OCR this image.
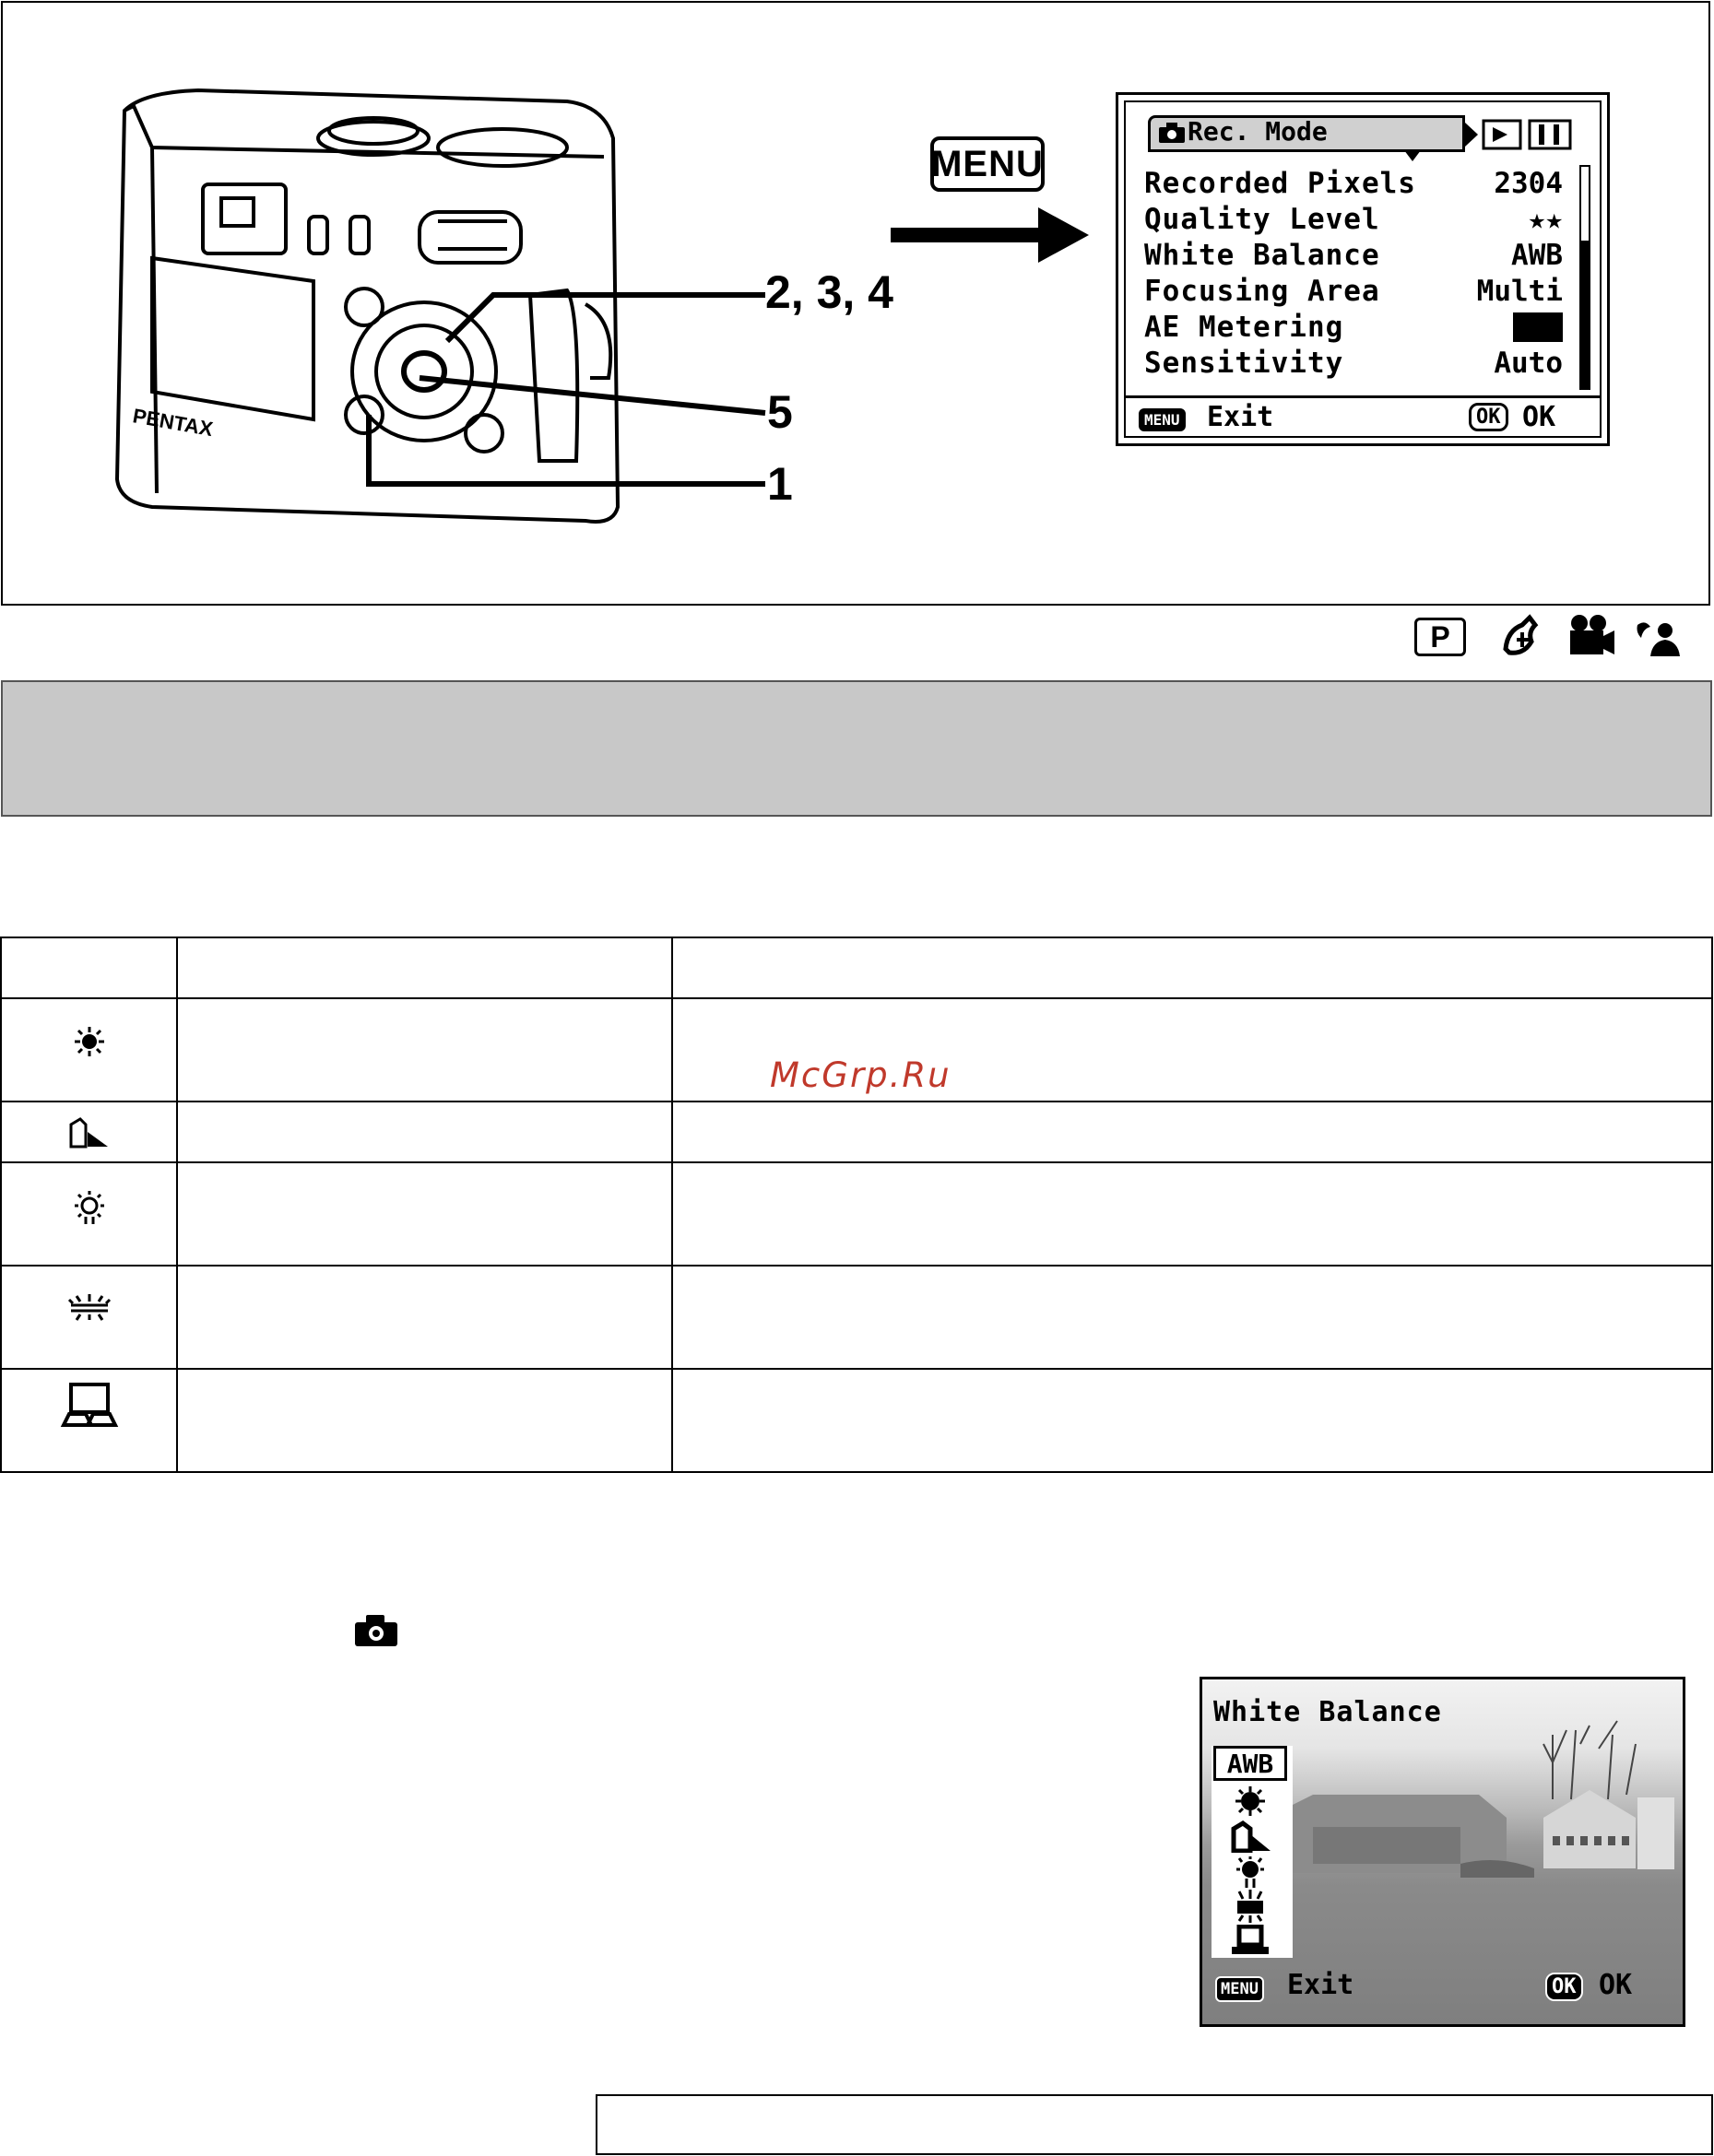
PENTAX
2, 3, 4
5
1
MENU
Rec. Mode
Recorded Pixels	2304
Quality Level	★★
White Balance	AWB
Focusing Area	Multi
AE Metering
Sensitivity	Auto
MENU Exit	OK OK
P

McGrp.Ru
White Balance
AWB
MENU Exit	OK OK
